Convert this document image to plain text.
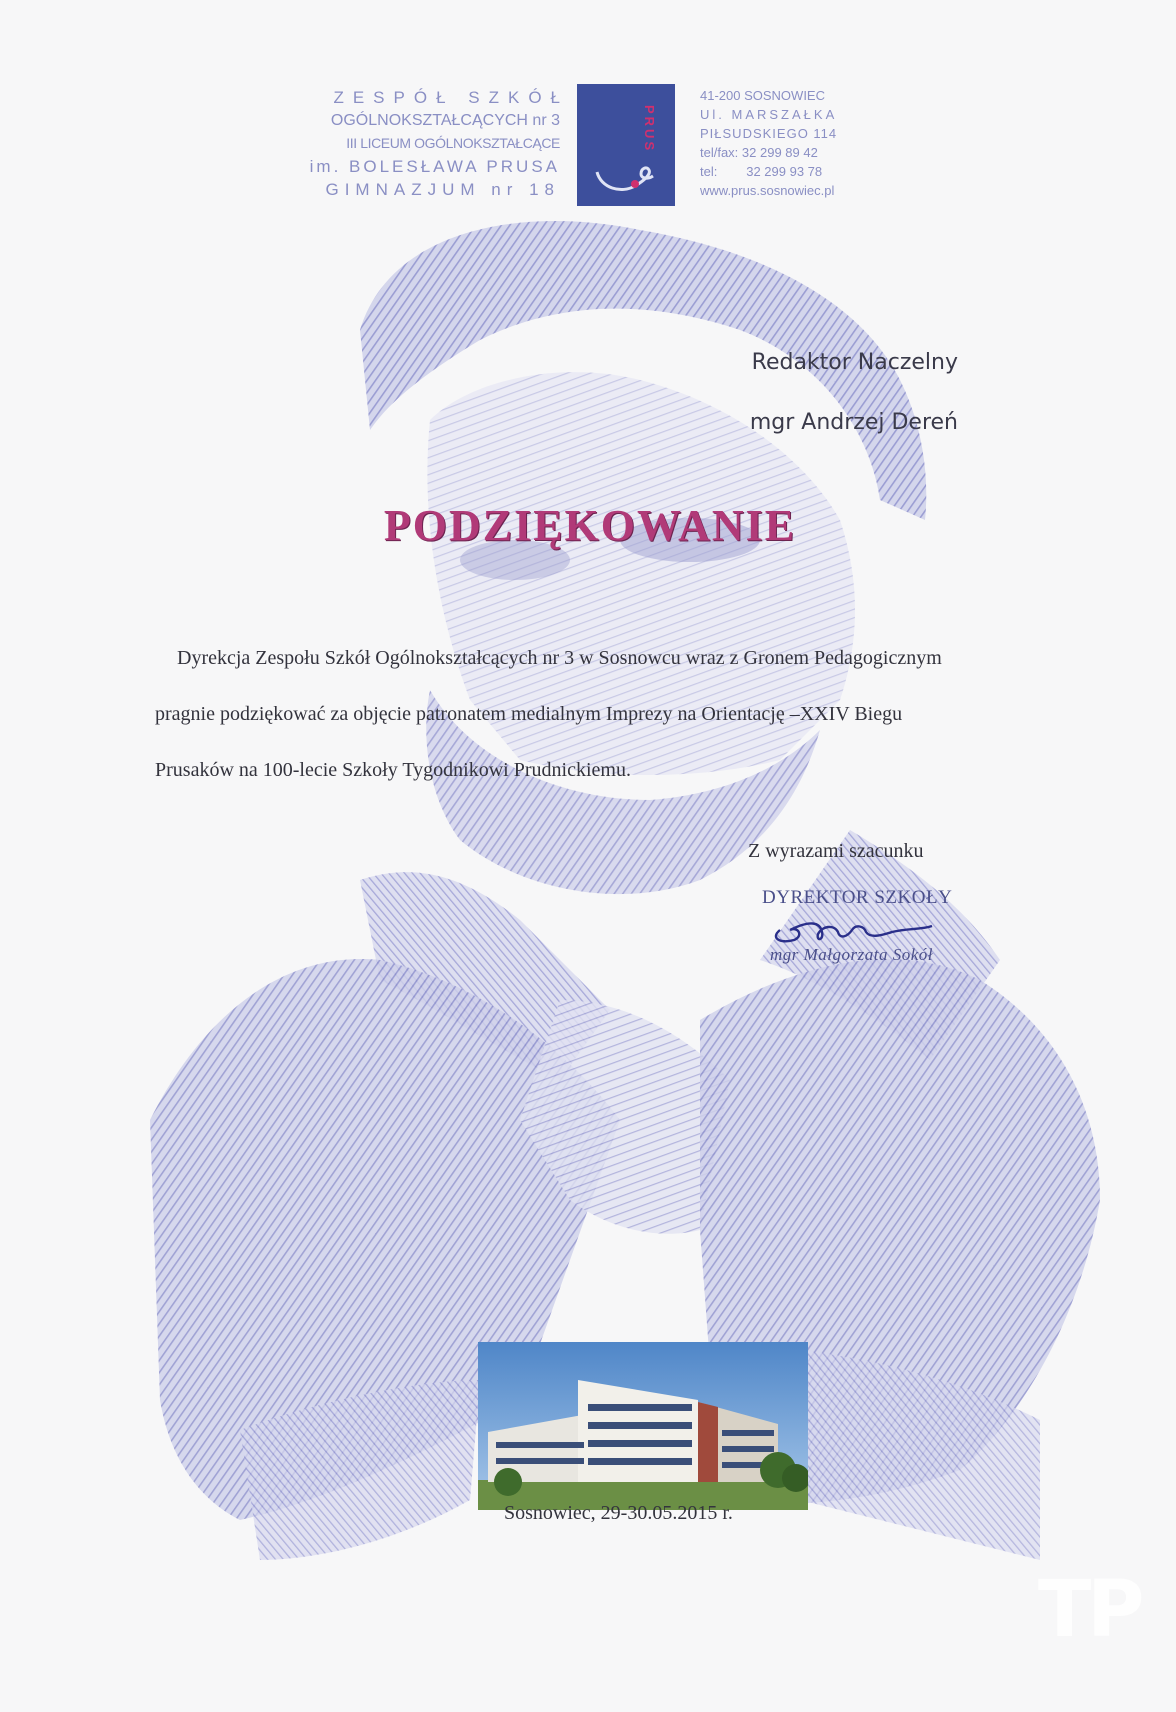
ZESPÓŁ SZKÓŁ
OGÓLNOKSZTAŁCĄCYCH nr 3
III LICEUM OGÓLNOKSZTAŁCĄCE
im. BOLESŁAWA PRUSA
GIMNAZJUM nr 18
PRUS
41-200 SOSNOWIEC
Ul. MARSZAŁKA
PIŁSUDSKIEGO 114
tel/fax: 32 299 89 42
tel:        32 299 93 78
www.prus.sosnowiec.pl
Redaktor Naczelny
mgr Andrzej Dereń
PODZIĘKOWANIE
Dyrekcja Zespołu Szkół Ogólnokształcących nr 3 w Sosnowcu wraz z Gronem Pedagogicznym
pragnie podziękować za objęcie patronatem medialnym Imprezy na Orientację –XXIV Biegu
Prusaków na 100-lecie Szkoły Tygodnikowi Prudnickiemu.
Z wyrazami szacunku
DYREKTOR SZKOŁY
mgr Małgorzata Sokół
Sosnowiec, 29-30.05.2015 r.
TP
